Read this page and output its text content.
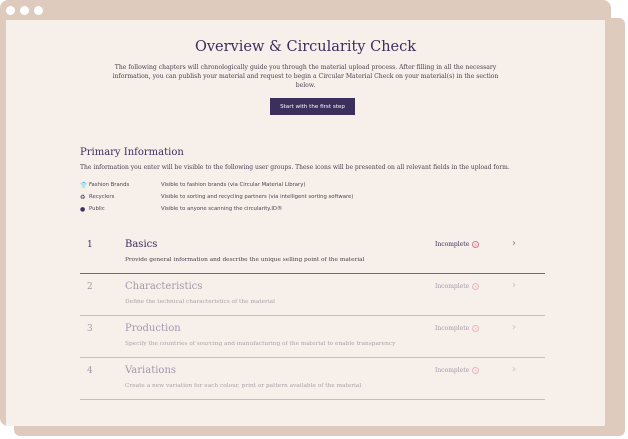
Overview & Circularity Check
The following chapters will chronologically guide you through the material upload process. After filling in all the necessary information, you can publish your material and request to begin a Circular Material Check on your material(s) in the section below.
Start with the first step
Primary Information
The information you enter will be visible to the following user groups. These icons will be presented on all relevant fields in the upload form.
👕 Fashion Brands	Visible to fashion brands (via Circular Material Library)
♻ Recyclers	Visible to sorting and recycling partners (via intelligent sorting software)
● Public	Visible to anyone scanning the circularity.ID®
1	Basics
Provide general information and describe the unique selling point of the material
Incomplete	×	›
2	Characteristics
Define the technical characteristics of the material
Incomplete	×	›
3	Production
Specify the countries of sourcing and manufacturing of the material to enable transparency
Incomplete	×	›
4	Variations
Create a new variation for each colour, print or pattern available of the material
Incomplete	×	›
